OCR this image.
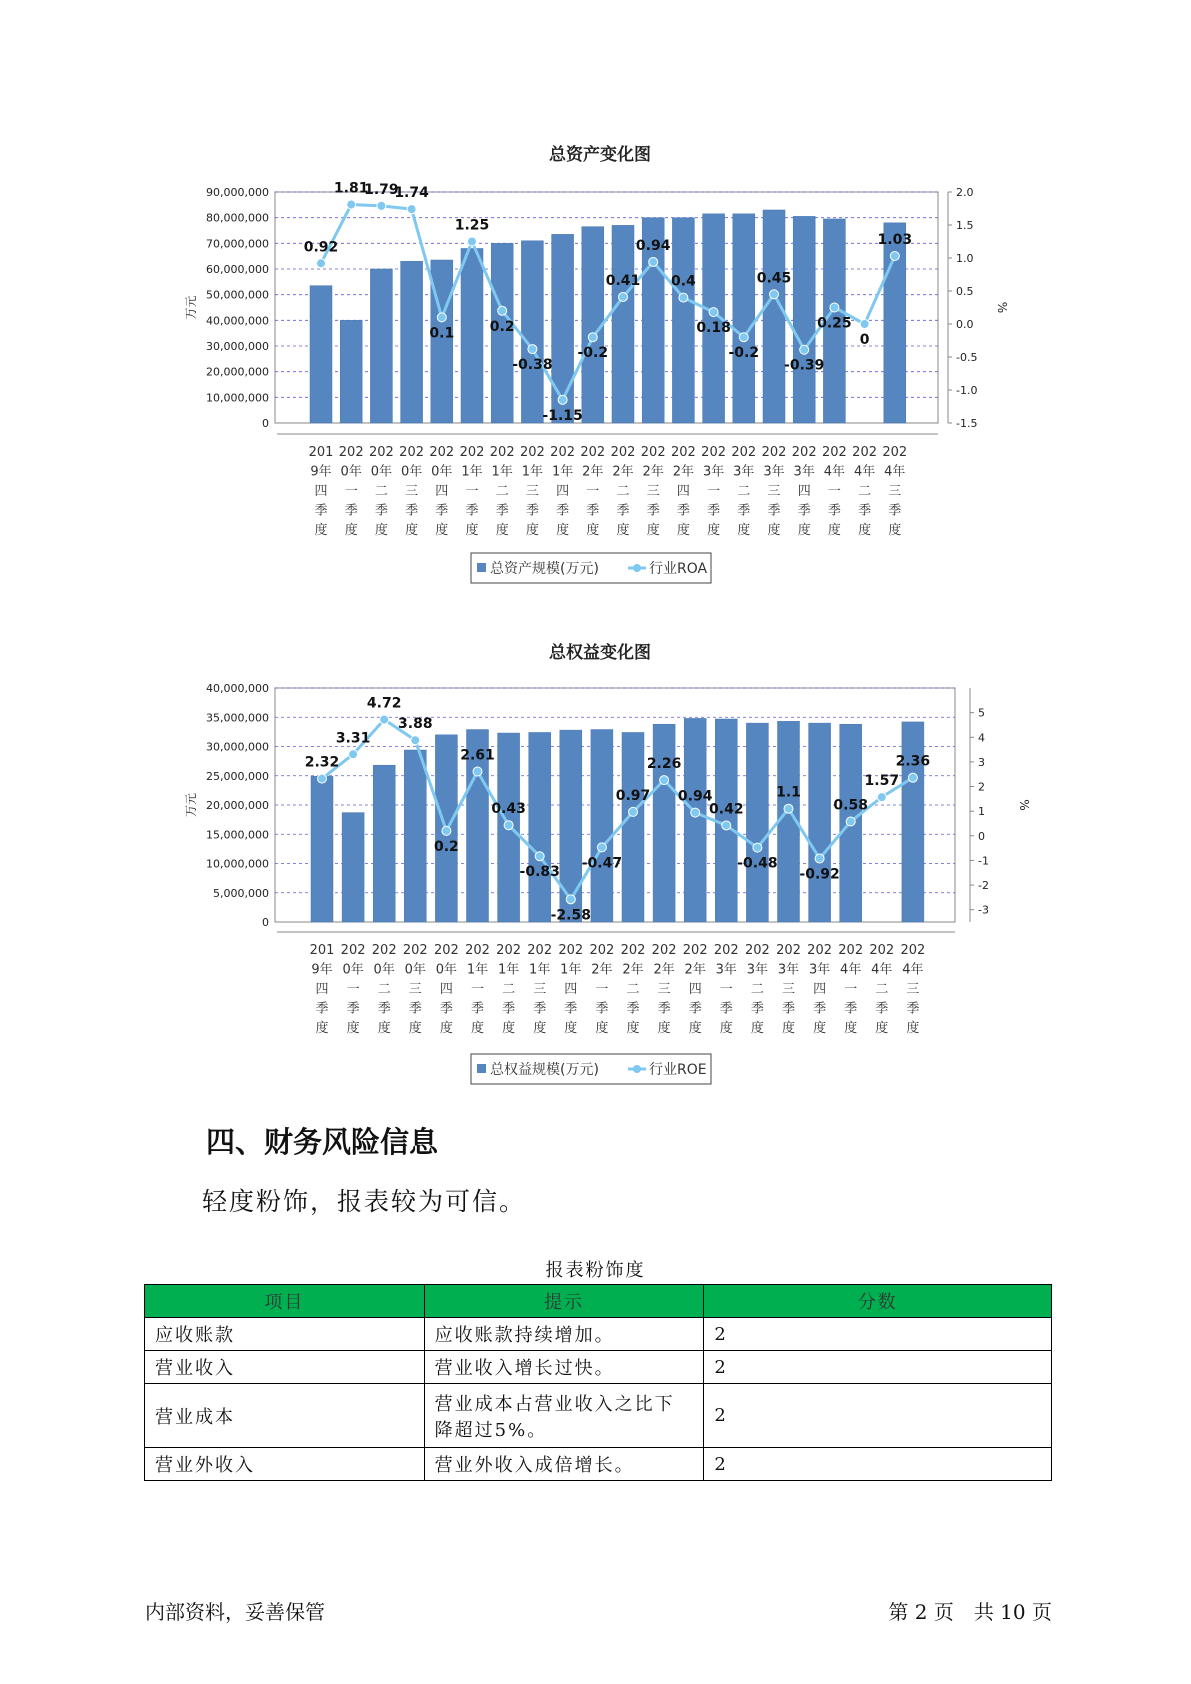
总资产变化图
0
10,000,000
20,000,000
30,000,000
40,000,000
50,000,000
60,000,000
70,000,000
80,000,000
90,000,000
万元
-1.5
-1.0
-0.5
0.0
0.5
1.0
1.5
2.0
%
0.92
1.81
1.79
1.74
0.1
1.25
0.2
-0.38
-1.15
-0.2
0.41
0.94
0.4
0.18
-0.2
0.45
-0.39
0.25
0
1.03
201 9年四季度
202 0年一季度
202 0年二季度
202 0年三季度
202 0年四季度
202 1年一季度
202 1年二季度
202 1年三季度
202 1年四季度
202 2年一季度
202 2年二季度
202 2年三季度
202 2年四季度
202 3年一季度
202 3年二季度
202 3年三季度
202 3年四季度
202 4年一季度
202 4年二季度
202 4年三季度
总资产规模(万元)	行业ROA
总权益变化图
0
5,000,000
10,000,000
15,000,000
20,000,000
25,000,000
30,000,000
35,000,000
40,000,000
万元
-3
-2
-1
0
1
2
3
4
5
%
2.32
3.31
4.72
3.88
0.2
2.61
0.43
-0.83
-2.58
-0.47
0.97
2.26
0.94
0.42
-0.48
1.1
-0.92
0.58
1.57
2.36
201 9年四季度
202 0年一季度
202 0年二季度
202 0年三季度
202 0年四季度
202 1年一季度
202 1年二季度
202 1年三季度
202 1年四季度
202 2年一季度
202 2年二季度
202 2年三季度
202 2年四季度
202 3年一季度
202 3年二季度
202 3年三季度
202 3年四季度
202 4年一季度
202 4年二季度
202 4年三季度
总权益规模(万元)	行业ROE
四、财务风险信息

轻度粉饰，报表较为可信。

报表粉饰度
项目	提示	分数
应收账款	应收账款持续增加。	2
营业收入	营业收入增长过快。	2
营业成本	营业成本占营业收入之比下降超过5%。	2
营业外收入	营业外收入成倍增长。	2
内部资料，妥善保管	第 2 页　共 10 页
